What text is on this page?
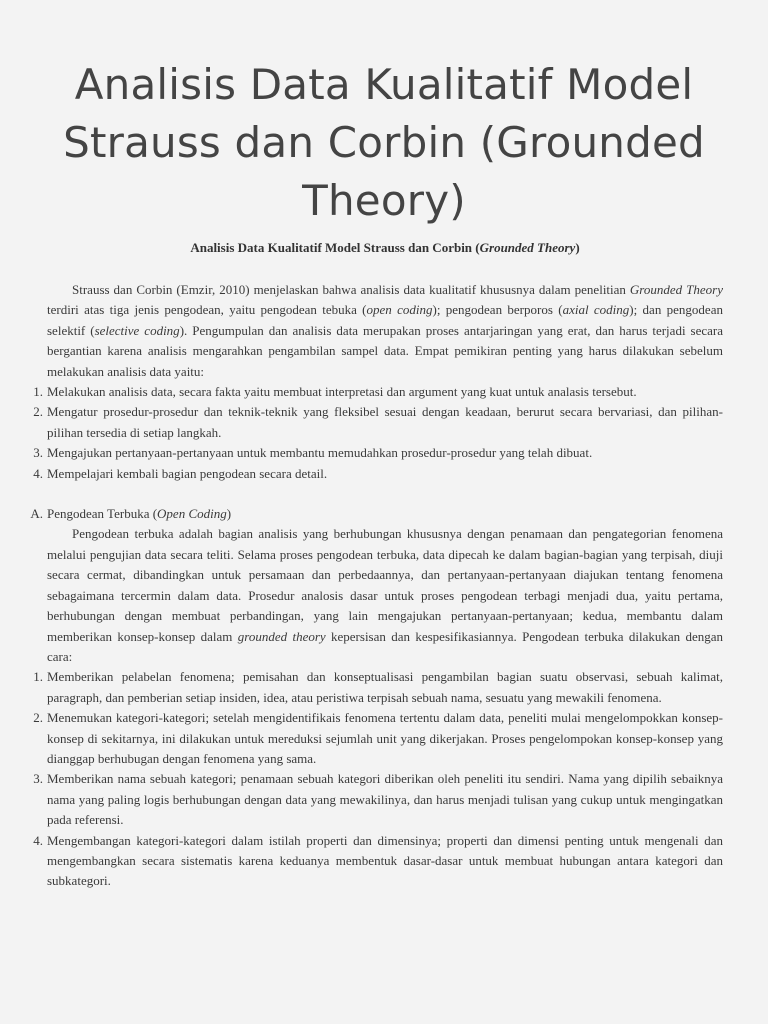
Analisis Data Kualitatif Model Strauss dan Corbin (Grounded Theory)
Analisis Data Kualitatif Model Strauss dan Corbin (Grounded Theory)

Strauss dan Corbin (Emzir, 2010) menjelaskan bahwa analisis data kualitatif khususnya dalam penelitian Grounded Theory terdiri atas tiga jenis pengodean, yaitu pengodean tebuka (open coding); pengodean berporos (axial coding); dan pengodean selektif (selective coding). Pengumpulan dan analisis data merupakan proses antarjaringan yang erat, dan harus terjadi secara bergantian karena analisis mengarahkan pengambilan sampel data. Empat pemikiran penting yang harus dilakukan sebelum melakukan analisis data yaitu:

1. Melakukan analisis data, secara fakta yaitu membuat interpretasi dan argument yang kuat untuk analasis tersebut.
2. Mengatur prosedur-prosedur dan teknik-teknik yang fleksibel sesuai dengan keadaan, berurut secara bervariasi, dan pilihan-pilihan tersedia di setiap langkah.
3. Mengajukan pertanyaan-pertanyaan untuk membantu memudahkan prosedur-prosedur yang telah dibuat.
4. Mempelajari kembali bagian pengodean secara detail.
A. Pengodean Terbuka (Open Coding)

Pengodean terbuka adalah bagian analisis yang berhubungan khususnya dengan penamaan dan pengategorian fenomena melalui pengujian data secara teliti. Selama proses pengodean terbuka, data dipecah ke dalam bagian-bagian yang terpisah, diuji secara cermat, dibandingkan untuk persamaan dan perbedaannya, dan pertanyaan-pertanyaan diajukan tentang fenomena sebagaimana tercermin dalam data. Prosedur analosis dasar untuk proses pengodean terbagi menjadi dua, yaitu pertama, berhubungan dengan membuat perbandingan, yang lain mengajukan pertanyaan-pertanyaan; kedua, membantu dalam memberikan konsep-konsep dalam grounded theory kepersisan dan kespesifikasiannya. Pengodean terbuka dilakukan dengan cara:

1. Memberikan pelabelan fenomena; pemisahan dan konseptualisasi pengambilan bagian suatu observasi, sebuah kalimat, paragraph, dan pemberian setiap insiden, idea, atau peristiwa terpisah sebuah nama, sesuatu yang mewakili fenomena.
2. Menemukan kategori-kategori; setelah mengidentifikais fenomena tertentu dalam data, peneliti mulai mengelompokkan konsep-konsep di sekitarnya, ini dilakukan untuk mereduksi sejumlah unit yang dikerjakan. Proses pengelompokan konsep-konsep yang dianggap berhubugan dengan fenomena yang sama.
3. Memberikan nama sebuah kategori; penamaan sebuah kategori diberikan oleh peneliti itu sendiri. Nama yang dipilih sebaiknya nama yang paling logis berhubungan dengan data yang mewakilinya, dan harus menjadi tulisan yang cukup untuk mengingatkan pada referensi.
4. Mengembangan kategori-kategori dalam istilah properti dan dimensinya; properti dan dimensi penting untuk mengenali dan mengembangkan secara sistematis karena keduanya membentuk dasar-dasar untuk membuat hubungan antara kategori dan subkategori.
